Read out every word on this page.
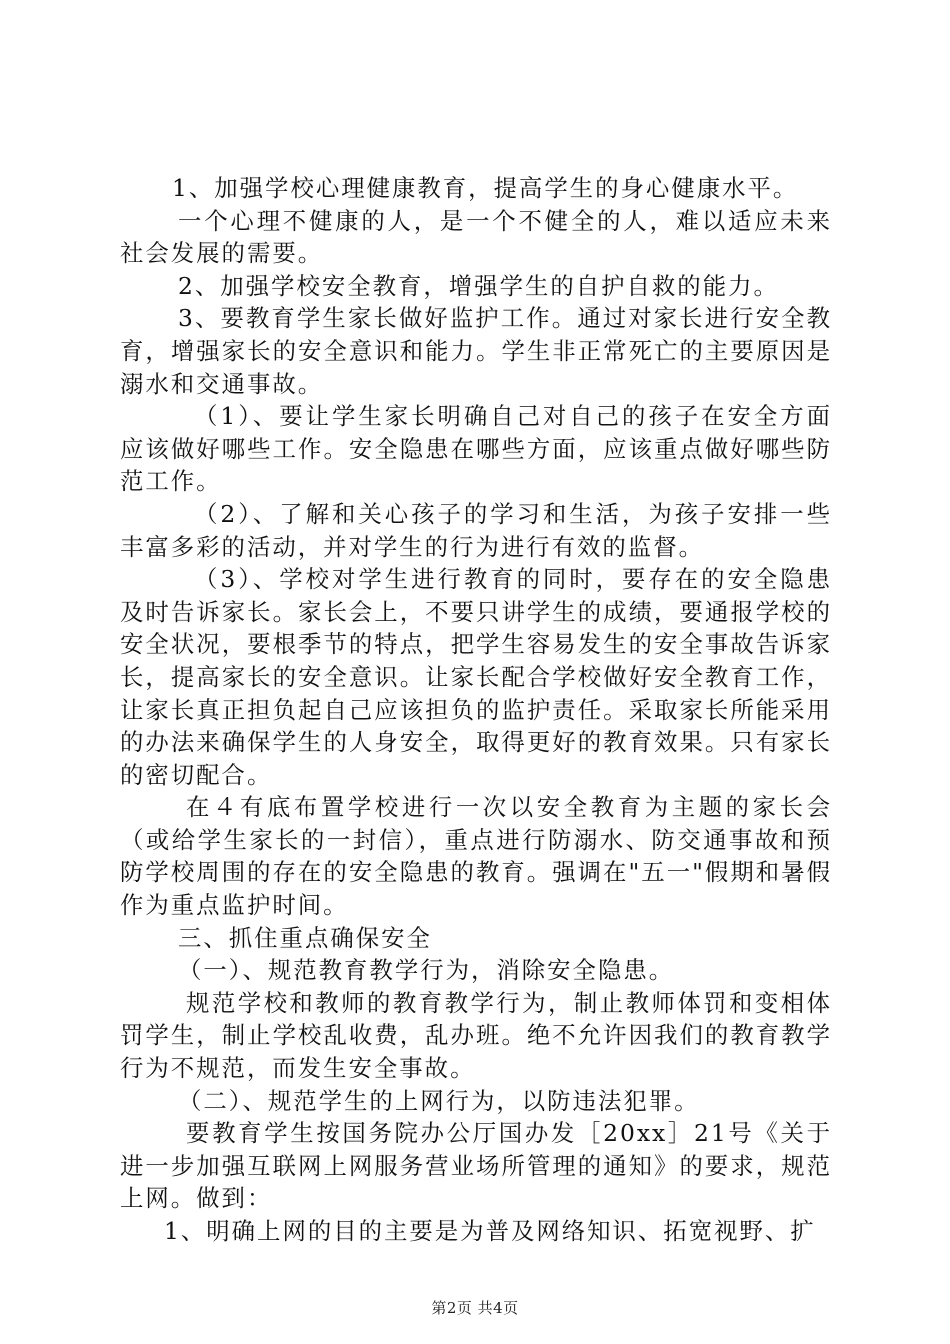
1、加强学校心理健康教育，提高学生的身心健康水平。

一个心理不健康的人，是一个不健全的人，难以适应未来社会发展的需要。

2、加强学校安全教育，增强学生的自护自救的能力。

3、要教育学生家长做好监护工作。通过对家长进行安全教育，增强家长的安全意识和能力。学生非正常死亡的主要原因是溺水和交通事故。

（1）、要让学生家长明确自己对自己的孩子在安全方面应该做好哪些工作。安全隐患在哪些方面，应该重点做好哪些防范工作。

（2）、了解和关心孩子的学习和生活，为孩子安排一些丰富多彩的活动，并对学生的行为进行有效的监督。

（3）、学校对学生进行教育的同时，要存在的安全隐患及时告诉家长。家长会上，不要只讲学生的成绩，要通报学校的安全状况，要根季节的特点，把学生容易发生的安全事故告诉家长，提高家长的安全意识。让家长配合学校做好安全教育工作，让家长真正担负起自己应该担负的监护责任。采取家长所能采用的办法来确保学生的人身安全，取得更好的教育效果。只有家长的密切配合。

在４有底布置学校进行一次以安全教育为主题的家长会（或给学生家长的一封信），重点进行防溺水、防交通事故和预防学校周围的存在的安全隐患的教育。强调在"五一"假期和暑假作为重点监护时间。

三、抓住重点确保安全

（一）、规范教育教学行为，消除安全隐患。

规范学校和教师的教育教学行为，制止教师体罚和变相体罚学生，制止学校乱收费，乱办班。绝不允许因我们的教育教学行为不规范，而发生安全事故。

（二）、规范学生的上网行为，以防违法犯罪。

要教育学生按国务院办公厅国办发［20xx］21号《关于进一步加强互联网上网服务营业场所管理的通知》的要求，规范上网。做到：

1、明确上网的目的主要是为普及网络知识、拓宽视野、扩

第2页 共4页
